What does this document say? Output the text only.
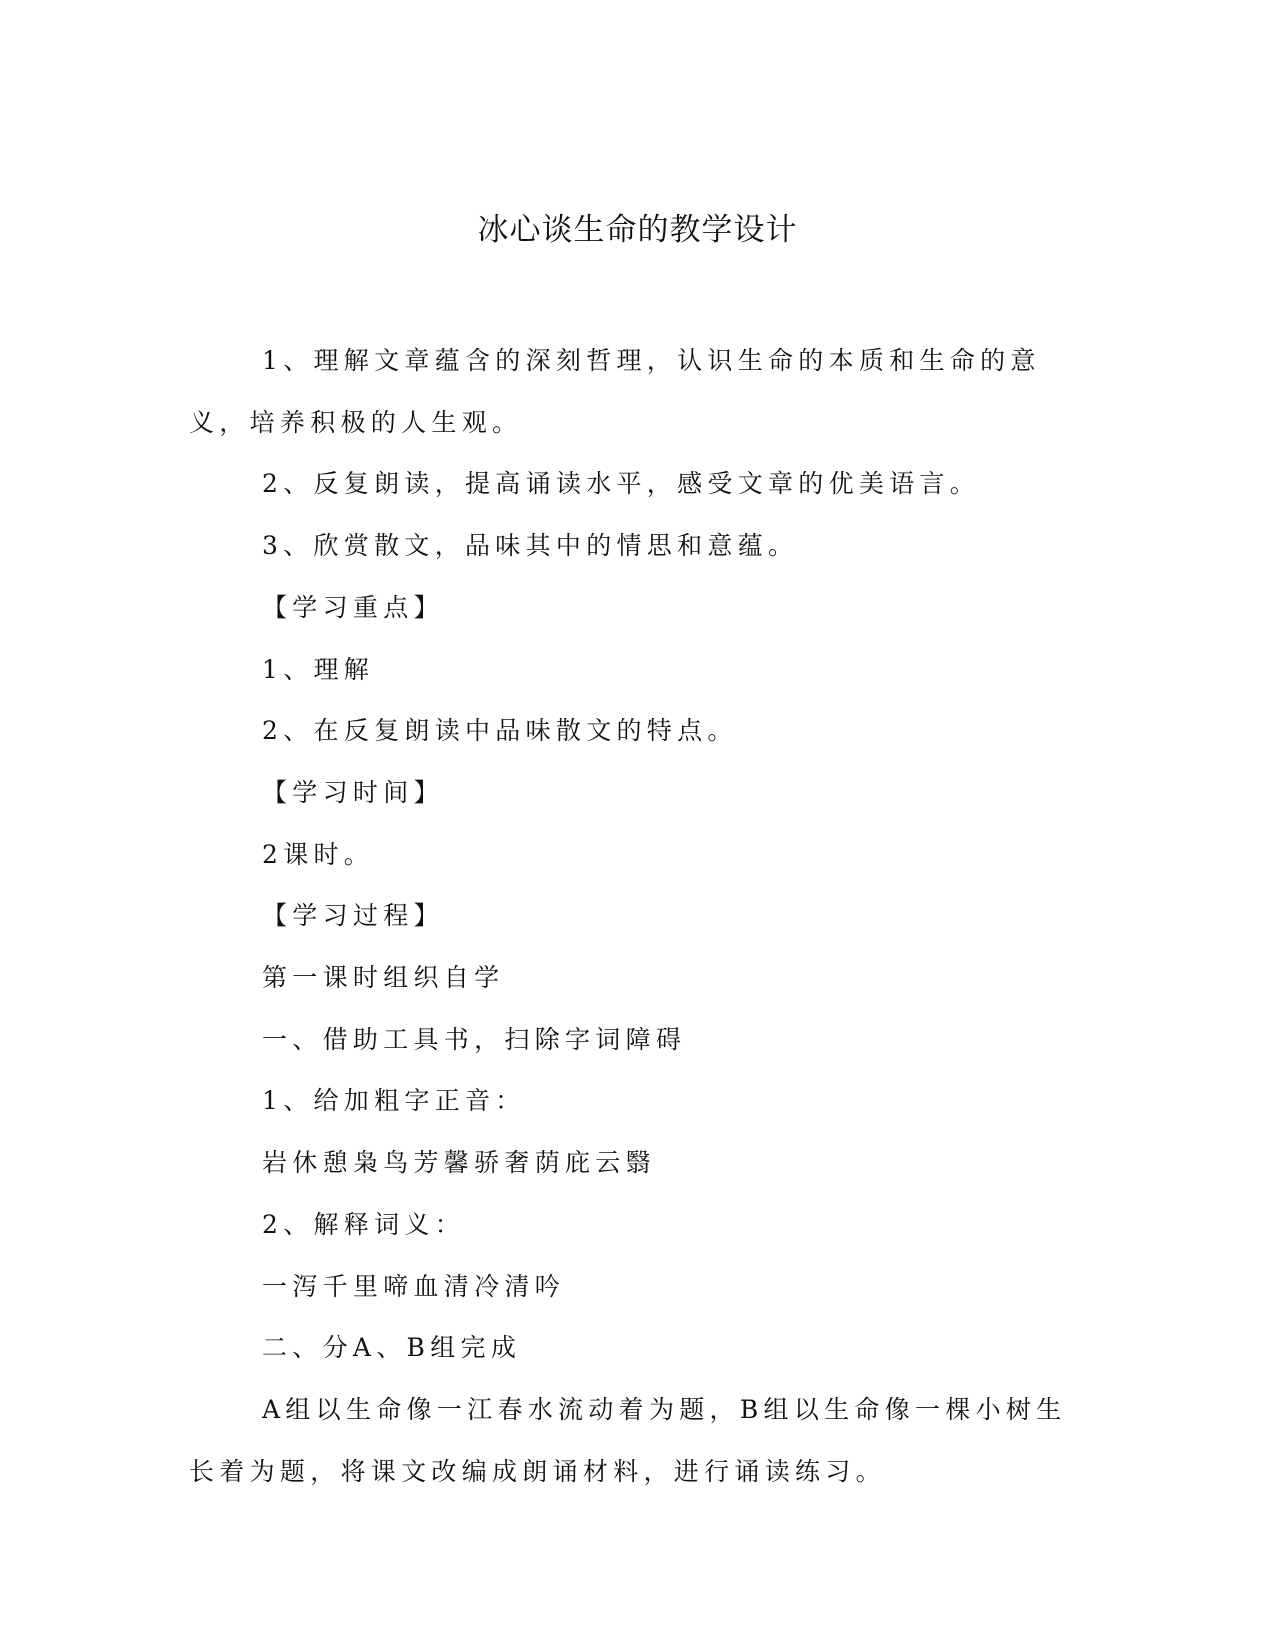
冰心谈生命的教学设计

1、理解文章蕴含的深刻哲理，认识生命的本质和生命的意义，培养积极的人生观。

2、反复朗读，提高诵读水平，感受文章的优美语言。

3、欣赏散文，品味其中的情思和意蕴。

【学习重点】

1、理解

2、在反复朗读中品味散文的特点。

【学习时间】

2课时。

【学习过程】

第一课时组织自学

一、借助工具书，扫除字词障碍

1、给加粗字正音：

岩休憩枭鸟芳馨骄奢荫庇云翳

2、解释词义：

一泻千里啼血清冷清吟

二、分A、B组完成

A组以生命像一江春水流动着为题，B组以生命像一棵小树生长着为题，将课文改编成朗诵材料，进行诵读练习。
